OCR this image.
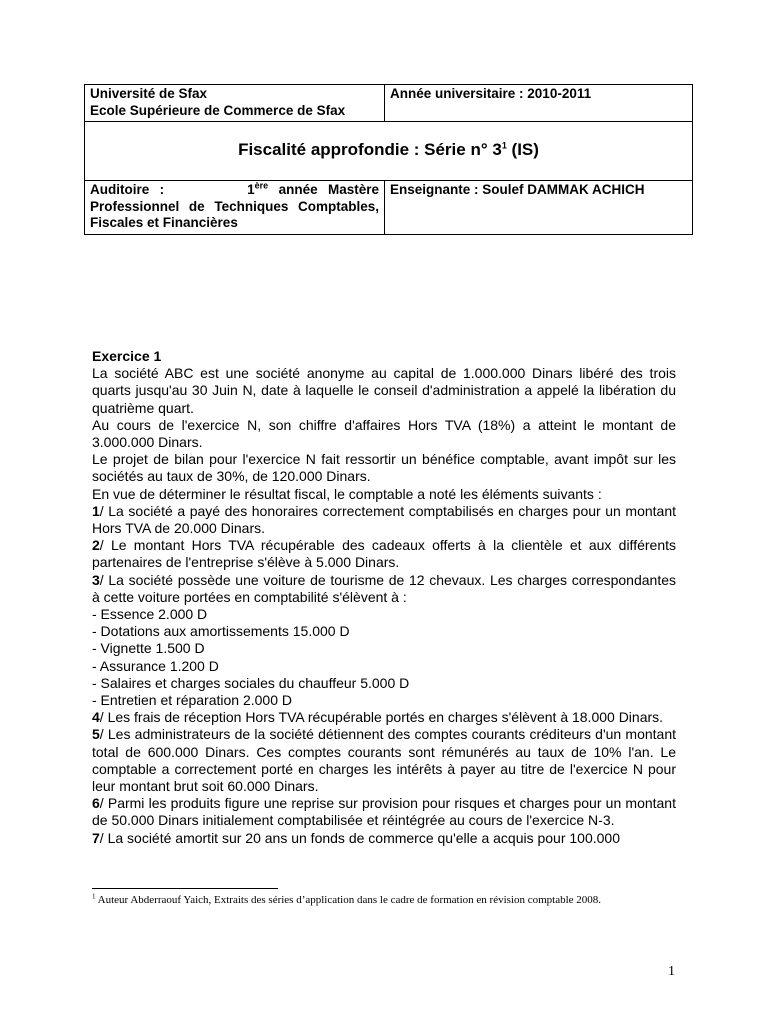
Université de Sfax
Ecole Supérieure de Commerce de Sfax	Année universitaire : 2010-2011
Fiscalité approfondie : Série n° $3^1$ (IS)	

Auditoire : 1ère année Mastère
Professionnel de Techniques Comptables, Fiscales et Financières	Enseignante : Soulef DAMMAK ACHICH

Exercice 1

La société ABC est une société anonyme au capital de 1.000.000 Dinars libéré des trois quarts jusqu'au 30 Juin N, date à laquelle le conseil d'administration a appelé la libération du quatrième quart.

Au cours de l'exercice N, son chiffre d'affaires Hors TVA (18%) a atteint le montant de 3.000.000 Dinars.

Le projet de bilan pour l'exercice N fait ressortir un bénéfice comptable, avant impôt sur les sociétés au taux de 30%, de 120.000 Dinars.

En vue de déterminer le résultat fiscal, le comptable a noté les éléments suivants :

1/ La société a payé des honoraires correctement comptabilisés en charges pour un montant Hors TVA de 20.000 Dinars.

2/ Le montant Hors TVA récupérable des cadeaux offerts à la clientèle et aux différents partenaires de l'entreprise s'élève à 5.000 Dinars.

3/ La société possède une voiture de tourisme de 12 chevaux. Les charges correspondantes à cette voiture portées en comptabilité s'élèvent à :

- Essence 2.000 D

- Dotations aux amortissements 15.000 D

- Vignette 1.500 D

- Assurance 1.200 D

- Salaires et charges sociales du chauffeur 5.000 D

- Entretien et réparation 2.000 D

4/ Les frais de réception Hors TVA récupérable portés en charges s'élèvent à 18.000 Dinars.

5/ Les administrateurs de la société détiennent des comptes courants créditeurs d'un montant total de 600.000 Dinars. Ces comptes courants sont rémunérés au taux de 10% l'an. Le comptable a correctement porté en charges les intérêts à payer au titre de l'exercice N pour leur montant brut soit 60.000 Dinars.

6/ Parmi les produits figure une reprise sur provision pour risques et charges pour un montant de 50.000 Dinars initialement comptabilisée et réintégrée au cours de l'exercice N-3.

7/ La société amortit sur 20 ans un fonds de commerce qu'elle a acquis pour 100.000

$^1$ Auteur Abderraouf Yaich, Extraits des séries d’application dans le cadre de formation en révision comptable 2008.
1
